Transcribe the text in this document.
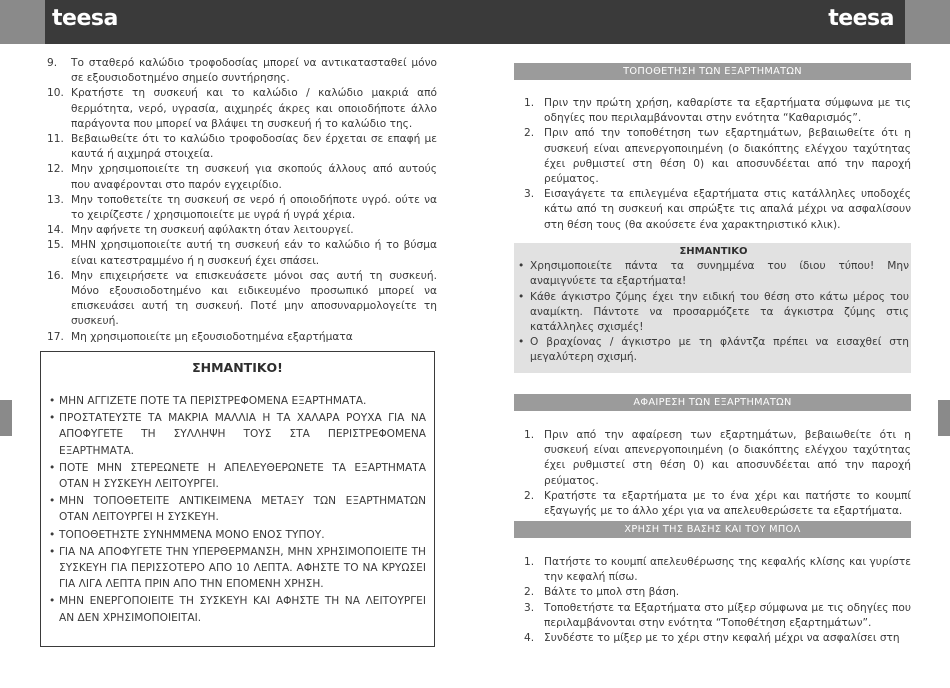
teesa	teesa
9.	Το σταθερό καλώδιο τροφοδοσίας μπορεί να αντικατασταθεί μόνο σε εξουσιοδοτημένο σημείο συντήρησης.
10. Κρατήστε τη συσκευή και το καλώδιο / καλώδιο μακριά από θερμότητα, νερό, υγρασία, αιχμηρές άκρες και οποιοδήποτε άλλο παράγοντα που μπορεί να βλάψει τη συσκευή ή το καλώδιο της.
11. Βεβαιωθείτε ότι το καλώδιο τροφοδοσίας δεν έρχεται σε επαφή με καυτά ή αιχμηρά στοιχεία.
12. Μην χρησιμοποιείτε τη συσκευή για σκοπούς άλλους από αυτούς που αναφέρονται στο παρόν εγχειρίδιο.
13. Μην τοποθετείτε τη συσκευή σε νερό ή οποιοδήποτε υγρό. ούτε να το χειρίζεστε / χρησιμοποιείτε με υγρά ή υγρά χέρια.
14. Μην αφήνετε τη συσκευή αφύλακτη όταν λειτουργεί.
15. ΜΗΝ χρησιμοποιείτε αυτή τη συσκευή εάν το καλώδιο ή το βύσμα είναι κατεστραμμένο ή η συσκευή έχει σπάσει.
16. Μην επιχειρήσετε να επισκευάσετε μόνοι σας αυτή τη συσκευή. Μόνο εξουσιοδοτημένο και ειδικευμένο προσωπικό μπορεί να επισκευάσει αυτή τη συσκευή. Ποτέ μην αποσυναρμολογείτε τη συσκευή.
17. Μη χρησιμοποιείτε μη εξουσιοδοτημένα εξαρτήματα
ΣΗΜΑΝΤΙΚΟ!
• ΜΗΝ ΑΓΓΙΖΕΤΕ ΠΟΤΕ ΤΑ ΠΕΡΙΣΤΡΕΦΟΜΕΝΑ ΕΞΑΡΤΗΜΑΤΑ.
• ΠΡΟΣΤΑΤΕΥΣΤΕ ΤΑ ΜΑΚΡΙΑ ΜΑΛΛΙΑ Η ΤΑ ΧΑΛΑΡΑ ΡΟΥΧΑ ΓΙΑ ΝΑ ΑΠΟΦΥΓΕΤΕ ΤΗ ΣΥΛΛΗΨΗ ΤΟΥΣ ΣΤΑ ΠΕΡΙΣΤΡΕΦΟΜΕΝΑ ΕΞΑΡΤΗΜΑΤΑ.
• ΠΟΤΕ ΜΗΝ ΣΤΕΡΕΩΝΕΤΕ Η ΑΠΕΛΕΥΘΕΡΩΝΕΤΕ ΤΑ ΕΞΑΡΤΗΜΑΤΑ ΟΤΑΝ Η ΣΥΣΚΕΥΗ ΛΕΙΤΟΥΡΓΕΙ.
• ΜΗΝ ΤΟΠΟΘΕΤΕΙΤΕ ΑΝΤΙΚΕΙΜΕΝΑ ΜΕΤΑΞΥ ΤΩΝ ΕΞΑΡΤΗΜΑΤΩΝ ΟΤΑΝ ΛΕΙΤΟΥΡΓΕΙ Η ΣΥΣΚΕΥΗ.
• ΤΟΠΟΘΕΤΗΣΤΕ ΣΥΝΗΜΜΕΝΑ ΜΟΝΟ ΕΝΟΣ ΤΥΠΟΥ.
• ΓΙΑ ΝΑ ΑΠΟΦΥΓΕΤΕ ΤΗΝ ΥΠΕΡΘΕΡΜΑΝΣΗ, ΜΗΝ ΧΡΗΣΙΜΟΠΟΙΕΙΤΕ ΤΗ ΣΥΣΚΕΥΗ ΓΙΑ ΠΕΡΙΣΣΟΤΕΡΟ ΑΠΟ 10 ΛΕΠΤΑ. ΑΦΗΣΤΕ ΤΟ ΝΑ ΚΡΥΩΣΕΙ ΓΙΑ ΛΙΓΑ ΛΕΠΤΑ ΠΡΙΝ ΑΠΟ ΤΗΝ ΕΠΟΜΕΝΗ ΧΡΗΣΗ.
• ΜΗΝ ΕΝΕΡΓΟΠΟΙΕΙΤΕ ΤΗ ΣΥΣΚΕΥΗ ΚΑΙ ΑΦΗΣΤΕ ΤΗ ΝΑ ΛΕΙΤΟΥΡΓΕΙ ΑΝ ΔΕΝ ΧΡΗΣΙΜΟΠΟΙΕΙΤΑΙ.
ΤΟΠΟΘΕΤΗΣΗ ΤΩΝ ΕΞΑΡΤΗΜΑΤΩΝ
1. Πριν την πρώτη χρήση, καθαρίστε τα εξαρτήματα σύμφωνα με τις οδηγίες που περιλαμβάνονται στην ενότητα “Καθαρισμός”.
2. Πριν από την τοποθέτηση των εξαρτημάτων, βεβαιωθείτε ότι η συσκευή είναι απενεργοποιημένη (ο διακόπτης ελέγχου ταχύτητας έχει ρυθμιστεί στη θέση 0) και αποσυνδέεται από την παροχή ρεύματος.
3. Εισαγάγετε τα επιλεγμένα εξαρτήματα στις κατάλληλες υποδοχές κάτω από τη συσκευή και σπρώξτε τις απαλά μέχρι να ασφαλίσουν στη θέση τους (θα ακούσετε ένα χαρακτηριστικό κλικ).
ΣΗΜΑΝΤΙΚΟ
• Χρησιμοποιείτε πάντα τα συνημμένα του ίδιου τύπου! Μην αναμιγνύετε τα εξαρτήματα!
• Κάθε άγκιστρο ζύμης έχει την ειδική του θέση στο κάτω μέρος του αναμίκτη. Πάντοτε να προσαρμόζετε τα άγκιστρα ζύμης στις κατάλληλες σχισμές!
• Ο βραχίονας / άγκιστρο με τη φλάντζα πρέπει να εισαχθεί στη μεγαλύτερη σχισμή.
ΑΦΑΙΡΕΣΗ ΤΩΝ ΕΞΑΡΤΗΜΑΤΩΝ
1. Πριν από την αφαίρεση των εξαρτημάτων, βεβαιωθείτε ότι η συσκευή είναι απενεργοποιημένη (ο διακόπτης ελέγχου ταχύτητας έχει ρυθμιστεί στη θέση 0) και αποσυνδέεται από την παροχή ρεύματος.
2. Κρατήστε τα εξαρτήματα με το ένα χέρι και πατήστε το κουμπί εξαγωγής με το άλλο χέρι για να απελευθερώσετε τα εξαρτήματα.
ΧΡΗΣΗ ΤΗΣ ΒΑΣΗΣ ΚΑΙ ΤΟΥ ΜΠΟΛ
1. Πατήστε το κουμπί απελευθέρωσης της κεφαλής κλίσης και γυρίστε την κεφαλή πίσω.
2. Βάλτε το μπολ στη βάση.
3. Τοποθετήστε τα Εξαρτήματα στο μίξερ σύμφωνα με τις οδηγίες που περιλαμβάνονται στην ενότητα “Τοποθέτηση εξαρτημάτων”.
4. Συνδέστε το μίξερ με το χέρι στην κεφαλή μέχρι να ασφαλίσει στη
